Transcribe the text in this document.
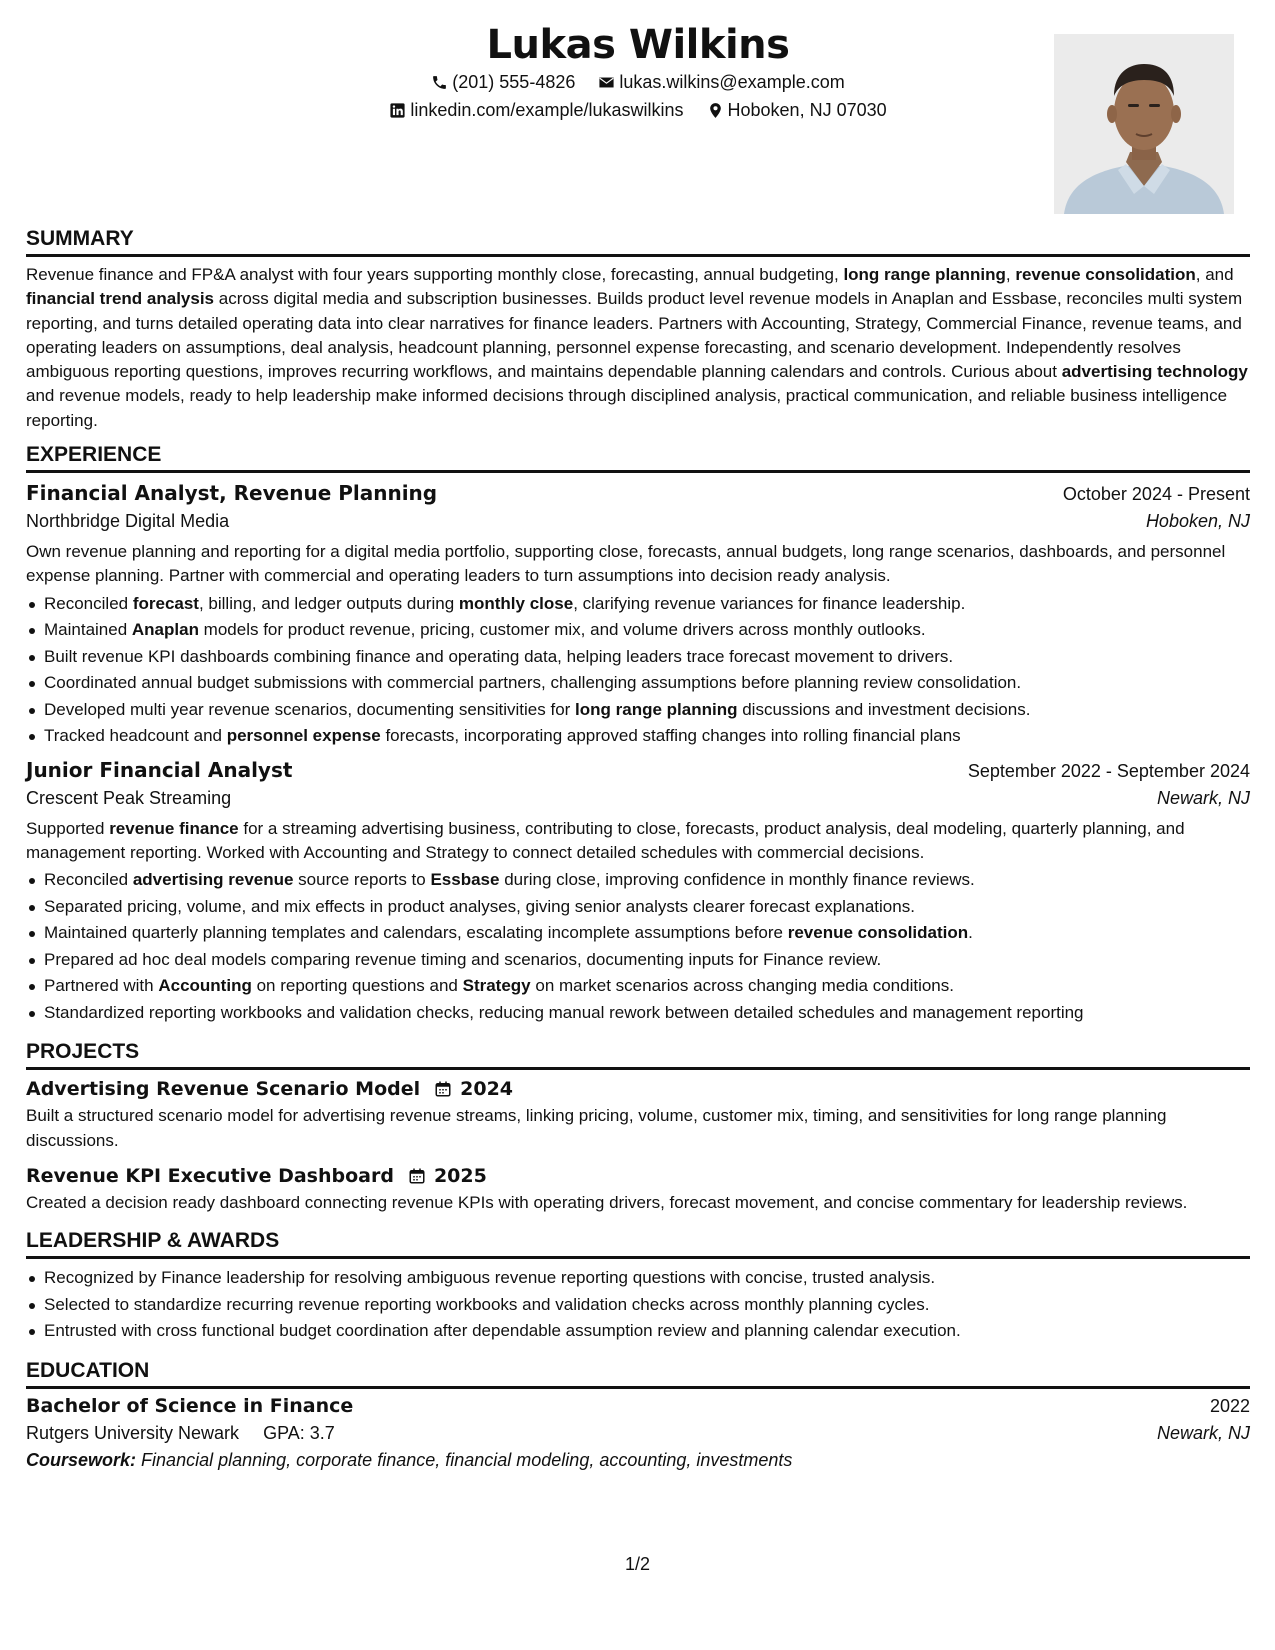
Lukas Wilkins
(201) 555-4826
lukas.wilkins@example.com
linkedin.com/example/lukaswilkins
Hoboken, NJ 07030
SUMMARY

Revenue finance and FP&A analyst with four years supporting monthly close, forecasting, annual budgeting, long range planning, revenue consolidation, and financial trend analysis across digital media and subscription businesses. Builds product level revenue models in Anaplan and Essbase, reconciles multi system reporting, and turns detailed operating data into clear narratives for finance leaders. Partners with Accounting, Strategy, Commercial Finance, revenue teams, and operating leaders on assumptions, deal analysis, headcount planning, personnel expense forecasting, and scenario development. Independently resolves ambiguous reporting questions, improves recurring workflows, and maintains dependable planning calendars and controls. Curious about advertising technology and revenue models, ready to help leadership make informed decisions through disciplined analysis, practical communication, and reliable business intelligence reporting.

EXPERIENCE
Financial Analyst, Revenue Planning	October 2024 - Present
Northbridge Digital Media	Hoboken, NJ

Own revenue planning and reporting for a digital media portfolio, supporting close, forecasts, annual budgets, long range scenarios, dashboards, and personnel expense planning. Partner with commercial and operating leaders to turn assumptions into decision ready analysis.

Reconciled forecast, billing, and ledger outputs during monthly close, clarifying revenue variances for finance leadership.
Maintained Anaplan models for product revenue, pricing, customer mix, and volume drivers across monthly outlooks.
Built revenue KPI dashboards combining finance and operating data, helping leaders trace forecast movement to drivers.
Coordinated annual budget submissions with commercial partners, challenging assumptions before planning review consolidation.
Developed multi year revenue scenarios, documenting sensitivities for long range planning discussions and investment decisions.
Tracked headcount and personnel expense forecasts, incorporating approved staffing changes into rolling financial plans
Junior Financial Analyst	September 2022 - September 2024
Crescent Peak Streaming	Newark, NJ

Supported revenue finance for a streaming advertising business, contributing to close, forecasts, product analysis, deal modeling, quarterly planning, and management reporting. Worked with Accounting and Strategy to connect detailed schedules with commercial decisions.

Reconciled advertising revenue source reports to Essbase during close, improving confidence in monthly finance reviews.
Separated pricing, volume, and mix effects in product analyses, giving senior analysts clearer forecast explanations.
Maintained quarterly planning templates and calendars, escalating incomplete assumptions before revenue consolidation.
Prepared ad hoc deal models comparing revenue timing and scenarios, documenting inputs for Finance review.
Partnered with Accounting on reporting questions and Strategy on market scenarios across changing media conditions.
Standardized reporting workbooks and validation checks, reducing manual rework between detailed schedules and management reporting
PROJECTS
Advertising Revenue Scenario Model 2024

Built a structured scenario model for advertising revenue streams, linking pricing, volume, customer mix, timing, and sensitivities for long range planning discussions.

Revenue KPI Executive Dashboard 2025

Created a decision ready dashboard connecting revenue KPIs with operating drivers, forecast movement, and concise commentary for leadership reviews.

LEADERSHIP & AWARDS
Recognized by Finance leadership for resolving ambiguous revenue reporting questions with concise, trusted analysis.
Selected to standardize recurring revenue reporting workbooks and validation checks across monthly planning cycles.
Entrusted with cross functional budget coordination after dependable assumption review and planning calendar execution.
EDUCATION
Bachelor of Science in Finance	2022
Rutgers University Newark GPA: 3.7	Newark, NJ
Coursework: Financial planning, corporate finance, financial modeling, accounting, investments
1/2
